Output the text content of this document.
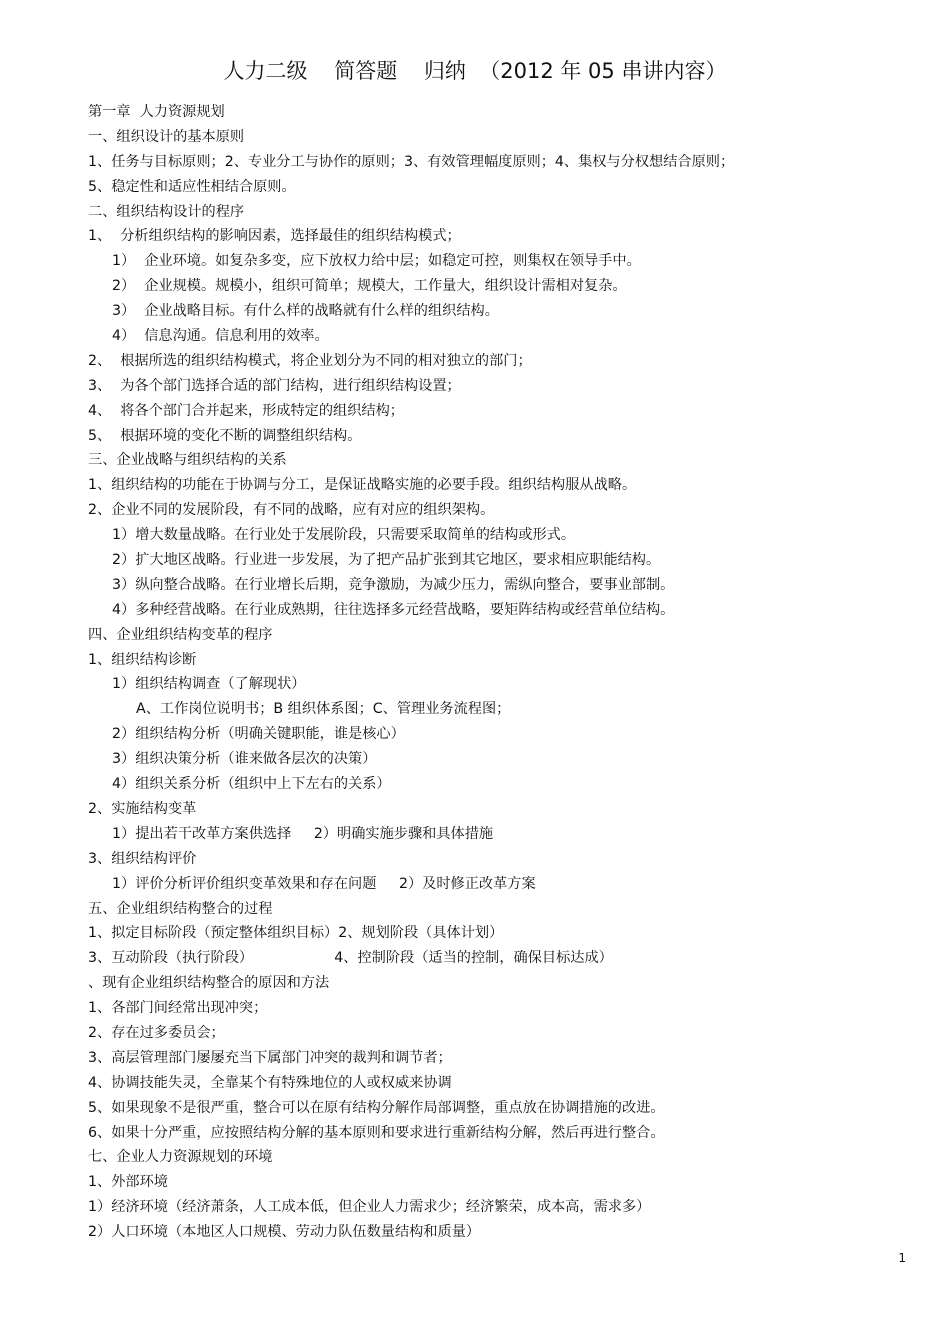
人力二级    简答题    归纳  （2012 年 05 串讲内容）
第一章  人力资源规划
一、组织设计的基本原则
1、任务与目标原则；2、专业分工与协作的原则；3、有效管理幅度原则；4、集权与分权想结合原则；
5、稳定性和适应性相结合原则。
二、组织结构设计的程序
1、  分析组织结构的影响因素，选择最佳的组织结构模式；
1）  企业环境。如复杂多变，应下放权力给中层；如稳定可控，则集权在领导手中。
2）  企业规模。规模小，组织可简单；规模大，工作量大，组织设计需相对复杂。
3）  企业战略目标。有什么样的战略就有什么样的组织结构。
4）  信息沟通。信息利用的效率。
2、  根据所选的组织结构模式，将企业划分为不同的相对独立的部门；
3、  为各个部门选择合适的部门结构，进行组织结构设置；
4、  将各个部门合并起来，形成特定的组织结构；
5、  根据环境的变化不断的调整组织结构。
三、企业战略与组织结构的关系
1、组织结构的功能在于协调与分工，是保证战略实施的必要手段。组织结构服从战略。
2、企业不同的发展阶段，有不同的战略，应有对应的组织架构。
1）增大数量战略。在行业处于发展阶段，只需要采取简单的结构或形式。
2）扩大地区战略。行业进一步发展，为了把产品扩张到其它地区，要求相应职能结构。
3）纵向整合战略。在行业增长后期，竞争激励，为减少压力，需纵向整合，要事业部制。
4）多种经营战略。在行业成熟期，往往选择多元经营战略，要矩阵结构或经营单位结构。
四、企业组织结构变革的程序
1、组织结构诊断
1）组织结构调查（了解现状）
A、工作岗位说明书；B 组织体系图；C、管理业务流程图；
2）组织结构分析（明确关键职能，谁是核心）
3）组织决策分析（谁来做各层次的决策）
4）组织关系分析（组织中上下左右的关系）
2、实施结构变革
1）提出若干改革方案供选择     2）明确实施步骤和具体措施
3、组织结构评价
1）评价分析评价组织变革效果和存在问题     2）及时修正改革方案
五、企业组织结构整合的过程
1、拟定目标阶段（预定整体组织目标）2、规划阶段（具体计划）
3、互动阶段（执行阶段）                  4、控制阶段（适当的控制，确保目标达成）
、现有企业组织结构整合的原因和方法
1、各部门间经常出现冲突；
2、存在过多委员会；
3、高层管理部门屡屡充当下属部门冲突的裁判和调节者；
4、协调技能失灵，全靠某个有特殊地位的人或权威来协调
5、如果现象不是很严重，整合可以在原有结构分解作局部调整，重点放在协调措施的改进。
6、如果十分严重，应按照结构分解的基本原则和要求进行重新结构分解，然后再进行整合。
七、企业人力资源规划的环境
1、外部环境
1）经济环境（经济萧条，人工成本低，但企业人力需求少；经济繁荣，成本高，需求多）
2）人口环境（本地区人口规模、劳动力队伍数量结构和质量）
1
